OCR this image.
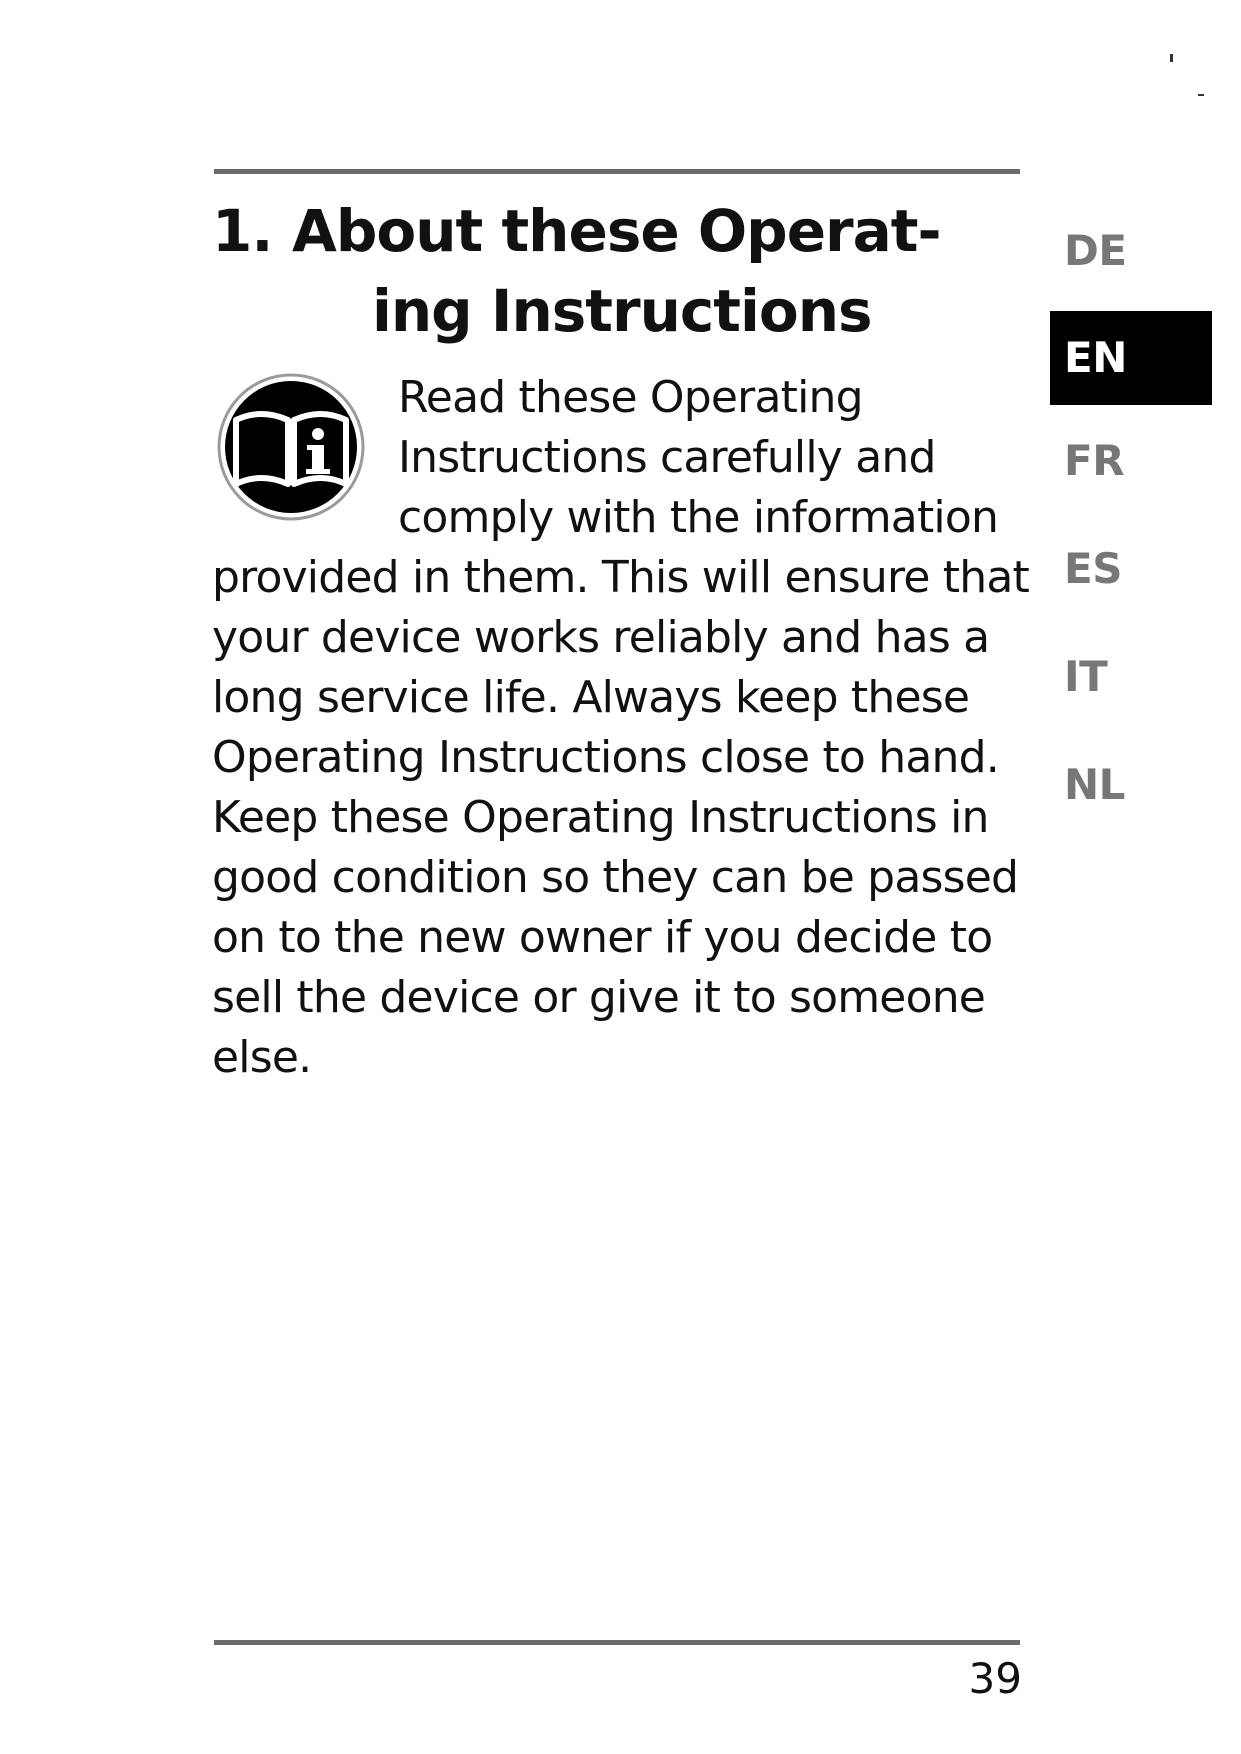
1. About these Operat-
ing Instructions
Read these Operating
Instructions carefully and
comply with the information
provided in them. This will ensure that
your device works reliably and has a
long service life. Always keep these
Operating Instructions close to hand.
Keep these Operating Instructions in
good condition so they can be passed
on to the new owner if you decide to
sell the device or give it to someone
else.
DE
EN
FR
ES
IT
NL
39
